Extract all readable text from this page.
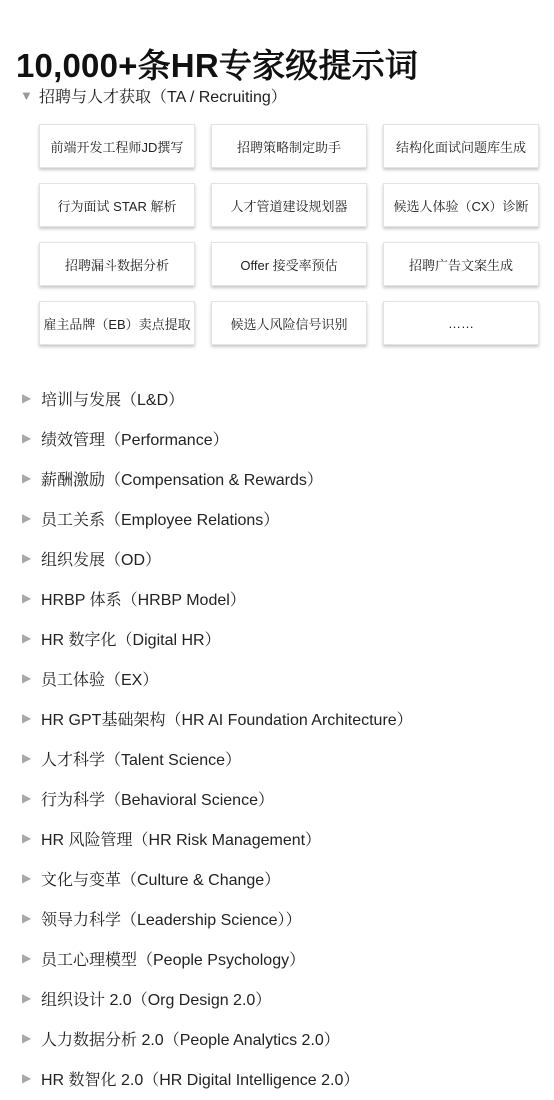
10,000+条HR专家级提示词
▼ 招聘与人才获取（TA / Recruiting）
前端开发工程师JD撰写	招聘策略制定助手	结构化面试问题库生成
行为面试 STAR 解析	人才管道建设规划器	候选人体验（CX）诊断
招聘漏斗数据分析	Offer 接受率预估	招聘广告文案生成
雇主品牌（EB）卖点提取	候选人风险信号识别	……
▶ 培训与发展（L&D）
▶ 绩效管理（Performance）
▶ 薪酬激励（Compensation & Rewards）
▶ 员工关系（Employee Relations）
▶ 组织发展（OD）
▶ HRBP 体系（HRBP Model）
▶ HR 数字化（Digital HR）
▶ 员工体验（EX）
▶ HR GPT基础架构（HR AI Foundation Architecture）
▶ 人才科学（Talent Science）
▶ 行为科学（Behavioral Science）
▶ HR 风险管理（HR Risk Management）
▶ 文化与变革（Culture & Change）
▶ 领导力科学（Leadership Science））
▶ 员工心理模型（People Psychology）
▶ 组织设计 2.0（Org Design 2.0）
▶ 人力数据分析 2.0（People Analytics 2.0）
▶ HR 数智化 2.0（HR Digital Intelligence 2.0）
